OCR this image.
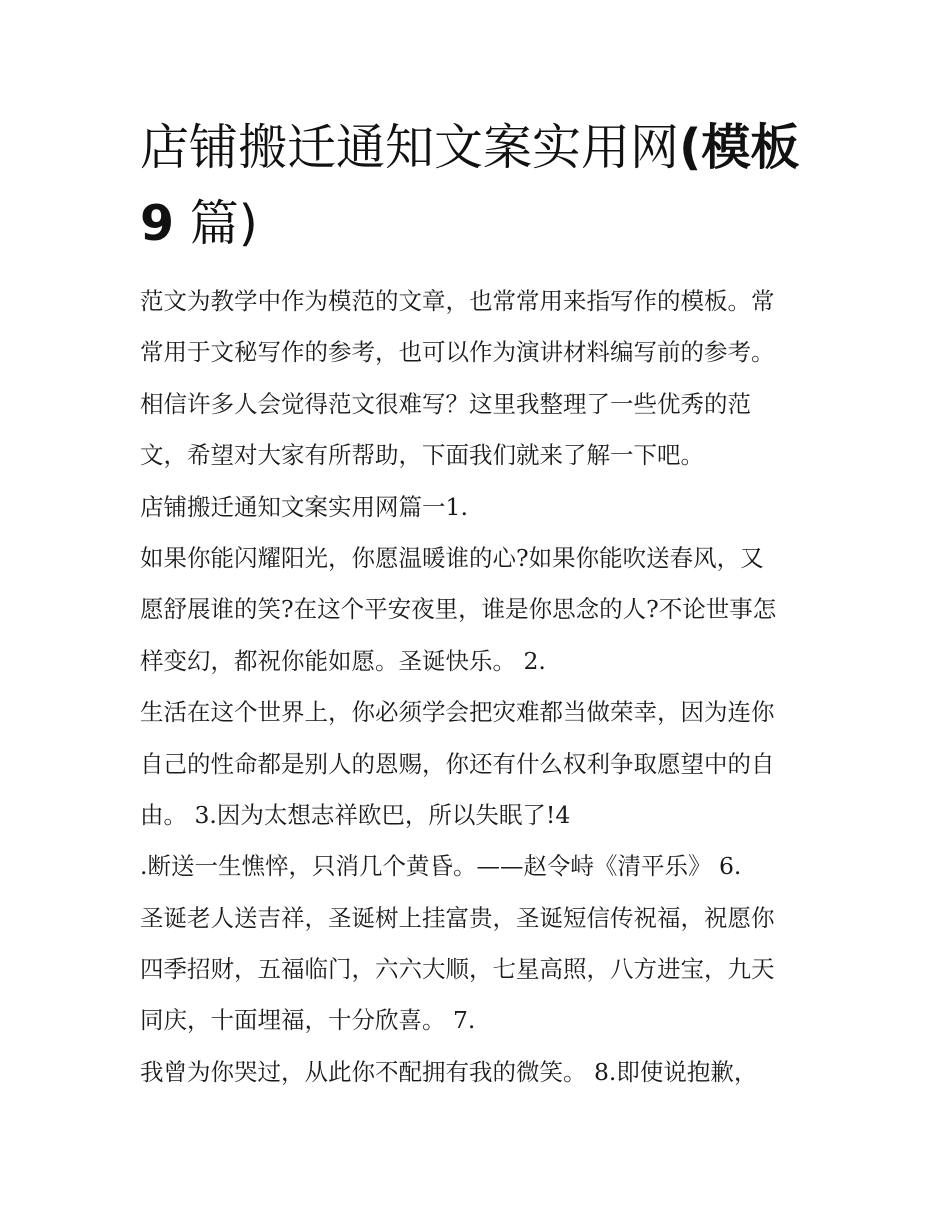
店铺搬迁通知文案实用网(模板
9 篇)
范文为教学中作为模范的文章，也常常用来指写作的模板。常
常用于文秘写作的参考，也可以作为演讲材料编写前的参考。
相信许多人会觉得范文很难写？这里我整理了一些优秀的范
文，希望对大家有所帮助，下面我们就来了解一下吧。
店铺搬迁通知文案实用网篇一1.
如果你能闪耀阳光，你愿温暖谁的心?如果你能吹送春风，又
愿舒展谁的笑?在这个平安夜里，谁是你思念的人?不论世事怎
样变幻，都祝你能如愿。圣诞快乐。 2.
生活在这个世界上，你必须学会把灾难都当做荣幸，因为连你
自己的性命都是别人的恩赐，你还有什么权利争取愿望中的自
由。 3.因为太想志祥欧巴，所以失眠了!4
.断送一生憔悴，只消几个黄昏。——赵令峙《清平乐》 6.
圣诞老人送吉祥，圣诞树上挂富贵，圣诞短信传祝福，祝愿你
四季招财，五福临门，六六大顺，七星高照，八方进宝，九天
同庆，十面埋福，十分欣喜。 7.
我曾为你哭过，从此你不配拥有我的微笑。 8.即使说抱歉，
